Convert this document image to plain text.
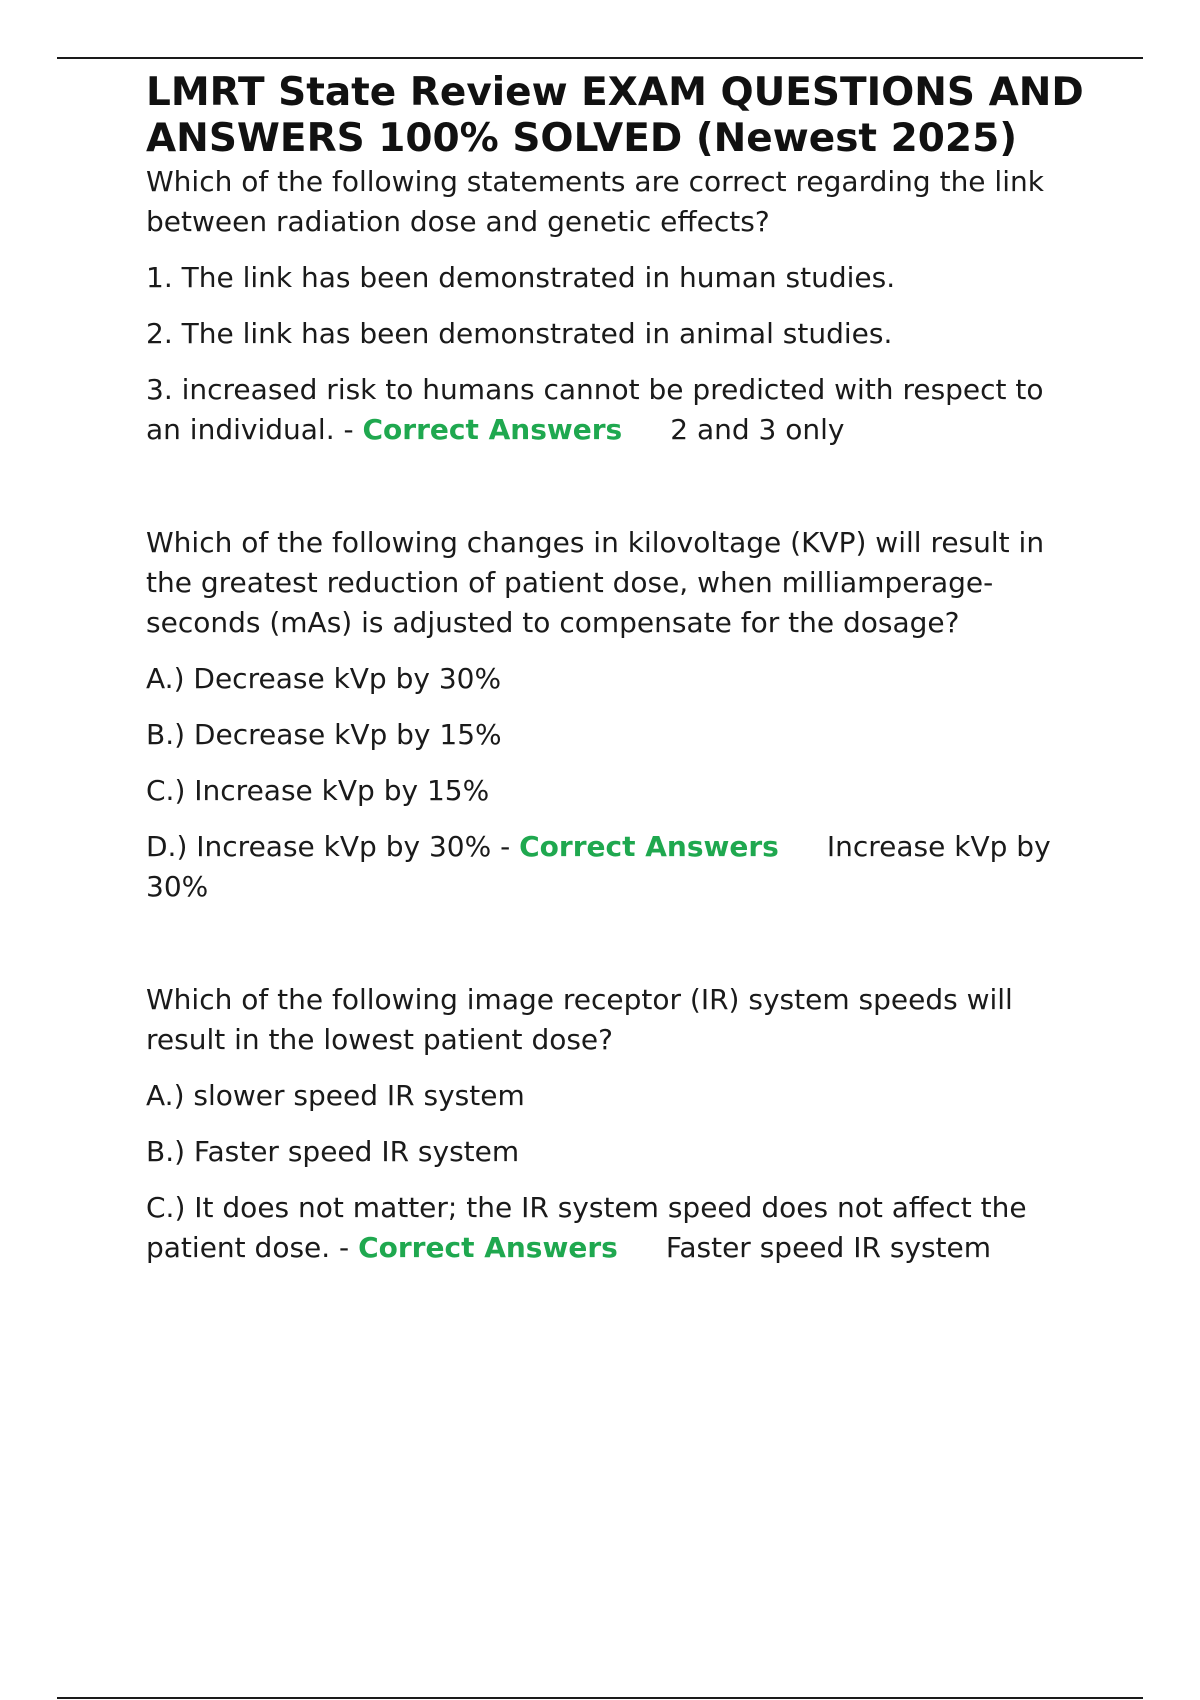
LMRT State Review EXAM QUESTIONS AND ANSWERS 100% SOLVED (Newest 2025)

Which of the following statements are correct regarding the link between radiation dose and genetic effects?

1. The link has been demonstrated in human studies.

2. The link has been demonstrated in animal studies.

3. increased risk to humans cannot be predicted with respect to an individual. - Correct Answers 2 and 3 only

Which of the following changes in kilovoltage (KVP) will result in the greatest reduction of patient dose, when milliamperage-seconds (mAs) is adjusted to compensate for the dosage?

A.) Decrease kVp by 30%

B.) Decrease kVp by 15%

C.) Increase kVp by 15%

D.) Increase kVp by 30% - Correct Answers Increase kVp by 30%

Which of the following image receptor (IR) system speeds will result in the lowest patient dose?

A.) slower speed IR system

B.) Faster speed IR system

C.) It does not matter; the IR system speed does not affect the patient dose. - Correct Answers Faster speed IR system
